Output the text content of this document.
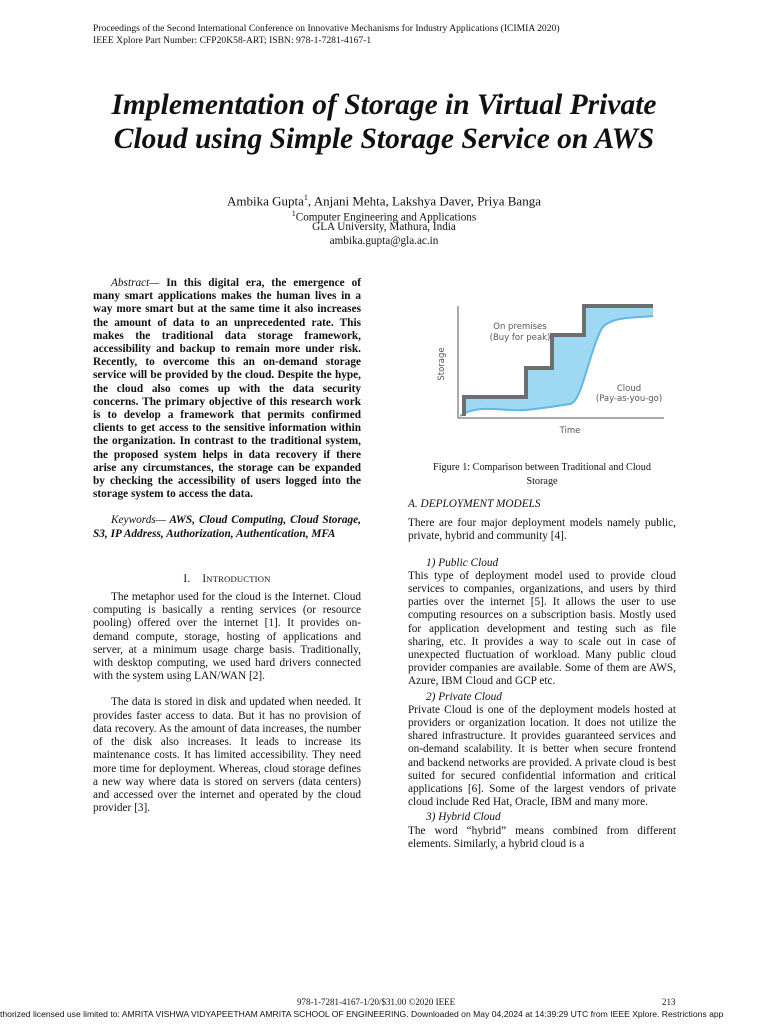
Proceedings of the Second International Conference on Innovative Mechanisms for Industry Applications (ICIMIA 2020)
IEEE Xplore Part Number: CFP20K58-ART; ISBN: 978-1-7281-4167-1
Implementation of Storage in Virtual Private
Cloud using Simple Storage Service on AWS
Ambika Gupta$^1$, Anjani Mehta, Lakshya Daver, Priya Banga
$^1$Computer Engineering and Applications
GLA University, Mathura, India
ambika.gupta@gla.ac.in

Abstract— In this digital era, the emergence of many smart applications makes the human lives in a way more smart but at the same time it also increases the amount of data to an unprecedented rate. This makes the traditional data storage framework, accessibility and backup to remain more under risk. Recently, to overcome this an on-demand storage service will be provided by the cloud. Despite the hype, the cloud also comes up with the data security concerns. The primary objective of this research work is to develop a framework that permits confirmed clients to get access to the sensitive information within the organization. In contrast to the traditional system, the proposed system helps in data recovery if there arise any circumstances, the storage can be expanded by checking the accessibility of users logged into the storage system to access the data.

Keywords— AWS, Cloud Computing, Cloud Storage, S3, IP Address, Authorization, Authentication, MFA

I. INTRODUCTION

The metaphor used for the cloud is the Internet. Cloud computing is basically a renting services (or resource pooling) offered over the internet [1]. It provides on-demand compute, storage, hosting of applications and server, at a minimum usage charge basis. Traditionally, with desktop computing, we used hard drivers connected with the system using LAN/WAN [2].

The data is stored in disk and updated when needed. It provides faster access to data. But it has no provision of data recovery. As the amount of data increases, the number of the disk also increases. It leads to increase its maintenance costs. It has limited accessibility. They need more time for deployment. Whereas, cloud storage defines a new way where data is stored on servers (data centers) and accessed over the internet and operated by the cloud provider [3].

On premises
(Buy for peak)
Cloud
(Pay-as-you-go)
Storage
Time
Figure 1: Comparison between Traditional and Cloud
Storage
A. DEPLOYMENT MODELS

There are four major deployment models namely public, private, hybrid and community [4].

1) Public Cloud

This type of deployment model used to provide cloud services to companies, organizations, and users by third parties over the internet [5]. It allows the user to use computing resources on a subscription basis. Mostly used for application development and testing such as file sharing, etc. It provides a way to scale out in case of unexpected fluctuation of workload. Many public cloud provider companies are available. Some of them are AWS, Azure, IBM Cloud and GCP etc.

2) Private Cloud

Private Cloud is one of the deployment models hosted at providers or organization location. It does not utilize the shared infrastructure. It provides guaranteed services and on-demand scalability. It is better when secure frontend and backend networks are provided. A private cloud is best suited for secured confidential information and critical applications [6]. Some of the largest vendors of private cloud include Red Hat, Oracle, IBM and many more.

3) Hybrid Cloud

The word “hybrid” means combined from different elements. Similarly, a hybrid cloud is a

978-1-7281-4167-1/20/$31.00 ©2020 IEEE	213
thorized licensed use limited to: AMRITA VISHWA VIDYAPEETHAM AMRITA SCHOOL OF ENGINEERING. Downloaded on May 04,2024 at 14:39:29 UTC from IEEE Xplore. Restrictions app
